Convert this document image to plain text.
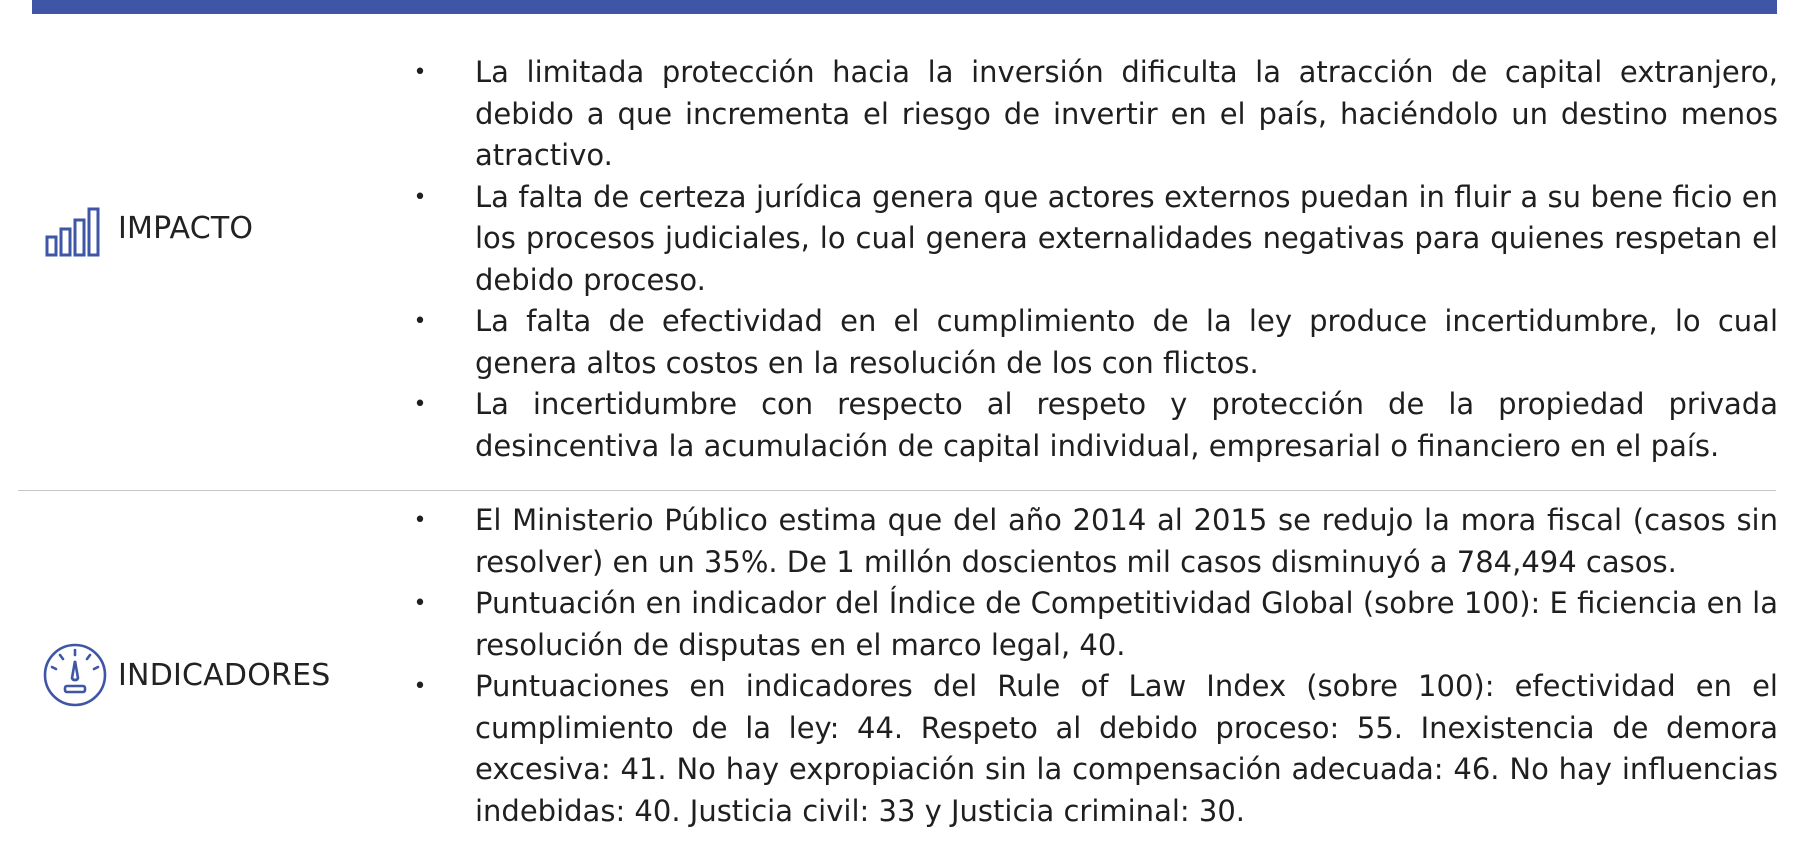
IMPACTO
• La limitada protección hacia la inversión dificulta la atracción de capital extranjero, debido a que incrementa el riesgo de invertir en el país, haciéndolo un destino menos atractivo.
• La falta de certeza jurídica genera que actores externos puedan in fluir a su bene ficio en los procesos judiciales, lo cual genera externalidades negativas para quienes respetan el debido proceso.
• La falta de efectividad en el cumplimiento de la ley produce incertidumbre, lo cual genera altos costos en la resolución de los con flictos.
• La incertidumbre con respecto al respeto y protección de la propiedad privada desincentiva la acumulación de capital individual, empresarial o financiero en el país.
INDICADORES
• El Ministerio Público estima que del año 2014 al 2015 se redujo la mora fiscal (casos sin resolver) en un 35%. De 1 millón doscientos mil casos disminuyó a 784,494 casos.
• Puntuación en indicador del Índice de Competitividad Global (sobre 100): E ficiencia en la resolución de disputas en el marco legal, 40.
• Puntuaciones en indicadores del Rule of Law Index (sobre 100): efectividad en el cumplimiento de la ley: 44. Respeto al debido proceso: 55. Inexistencia de demora excesiva: 41. No hay expropiación sin la compensación adecuada: 46. No hay influencias indebidas: 40. Justicia civil: 33 y Justicia criminal: 30.
